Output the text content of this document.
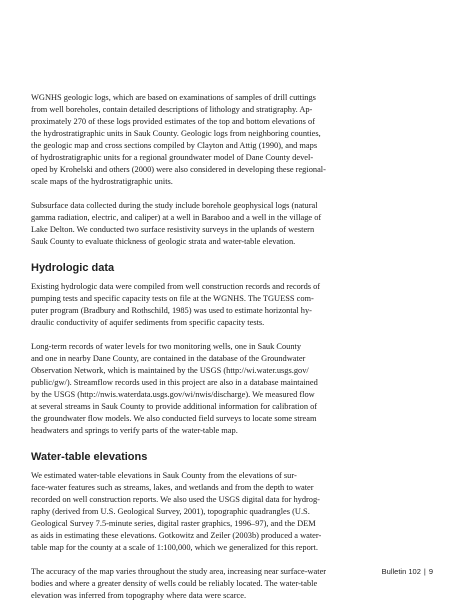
WGNHS geologic logs, which are based on examinations of samples of drill cuttings
from well boreholes, contain detailed descriptions of lithology and stratigraphy. Ap-
proximately 270 of these logs provided estimates of the top and bottom elevations of
the hydrostratigraphic units in Sauk County. Geologic logs from neighboring counties,
the geologic map and cross sections compiled by Clayton and Attig (1990), and maps
of hydrostratigraphic units for a regional groundwater model of Dane County devel-
oped by Krohelski and others (2000) were also considered in developing these regional-
scale maps of the hydrostratigraphic units.

Subsurface data collected during the study include borehole geophysical logs (natural
gamma radiation, electric, and caliper) at a well in Baraboo and a well in the village of
Lake Delton. We conducted two surface resistivity surveys in the uplands of western
Sauk County to evaluate thickness of geologic strata and water-table elevation.

Hydrologic data

Existing hydrologic data were compiled from well construction records and records of
pumping tests and specific capacity tests on file at the WGNHS. The TGUESS com-
puter program (Bradbury and Rothschild, 1985) was used to estimate horizontal hy-
draulic conductivity of aquifer sediments from specific capacity tests.

Long-term records of water levels for two monitoring wells, one in Sauk County
and one in nearby Dane County, are contained in the database of the Groundwater
Observation Network, which is maintained by the USGS (http://wi.water.usgs.gov/
public/gw/). Streamflow records used in this project are also in a database maintained
by the USGS (http://nwis.waterdata.usgs.gov/wi/nwis/discharge). We measured flow
at several streams in Sauk County to provide additional information for calibration of
the groundwater flow models. We also conducted field surveys to locate some stream
headwaters and springs to verify parts of the water-table map.

Water-table elevations

We estimated water-table elevations in Sauk County from the elevations of sur-
face-water features such as streams, lakes, and wetlands and from the depth to water
recorded on well construction reports. We also used the USGS digital data for hydrog-
raphy (derived from U.S. Geological Survey, 2001), topographic quadrangles (U.S.
Geological Survey 7.5-minute series, digital raster graphics, 1996–97), and the DEM
as aids in estimating these elevations. Gotkowitz and Zeiler (2003b) produced a water-
table map for the county at a scale of 1:100,000, which we generalized for this report.

The accuracy of the map varies throughout the study area, increasing near surface-water
bodies and where a greater density of wells could be reliably located. The water-table
elevation was inferred from topography where data were scarce.

Bulletin 102 | 9
